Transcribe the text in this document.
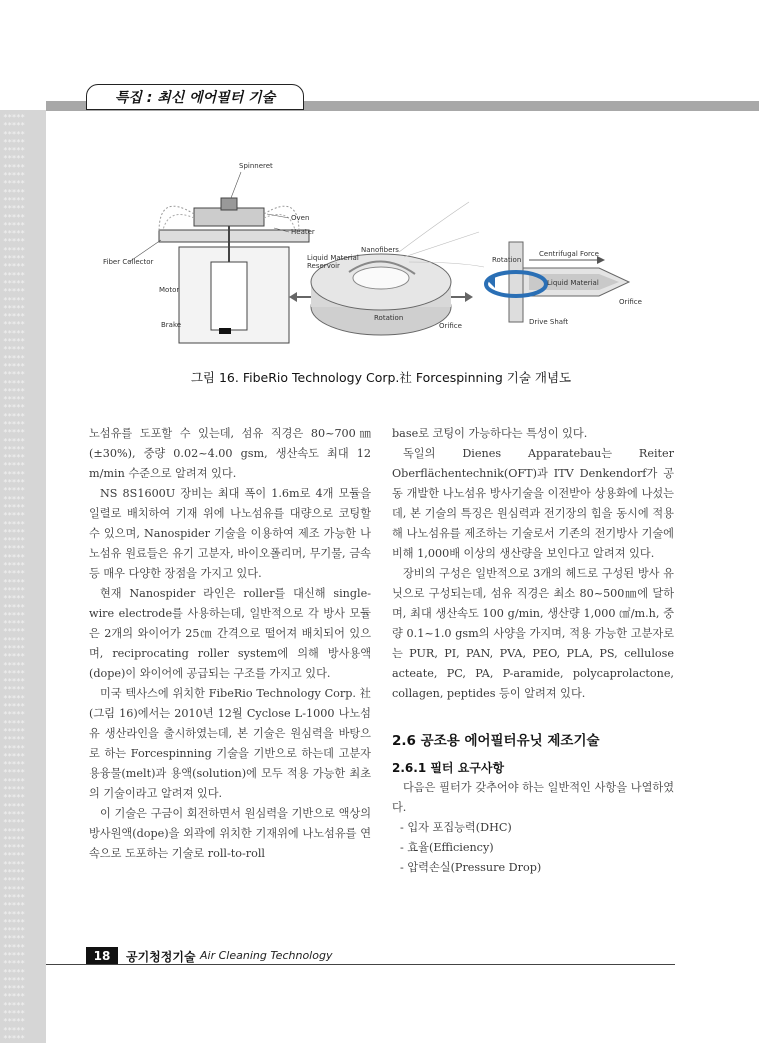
*****
*****
*****
*****
*****
*****
*****
*****
*****
*****
*****
*****
*****
*****
*****
*****
*****
*****
*****
*****
*****
*****
*****
*****
*****
*****
*****
*****
*****
*****
*****
*****
*****
*****
*****
*****
*****
*****
*****
*****
*****
*****
*****
*****
*****
*****
*****
*****
*****
*****
*****
*****
*****
*****
*****
*****
*****
*****
*****
*****
*****
*****
*****
*****
*****
*****
*****
*****
*****
*****
*****
*****
*****
*****
*****
*****
*****
*****
*****
*****
*****
*****
*****
*****
*****
*****
*****
*****
*****
*****
*****
*****
*****
*****
*****
*****
*****
*****
*****
*****
*****
*****
*****
*****
*****
*****
*****
*****
*****
*****
*****
*****
특집 : 최신 에어필터 기술
Spinneret
Oven
Heater
Fiber Collector
Motor
Brake
Nanofibers
Liquid Material
Reservoir
Orifice
Rotation
Rotation
Centrifugal Force
Liquid Material
Orifice
Drive Shaft
그림 16. FibeRio Technology Corp.社 Forcespinning 기술 개념도

노섬유를 도포할 수 있는데, 섬유 직경은 80~700㎚ (±30%), 중량 0.02~4.00 gsm, 생산속도 최대 12 m/min 수준으로 알려져 있다.

NS 8S1600U 장비는 최대 폭이 1.6m로 4개 모듈을 일렬로 배치하여 기재 위에 나노섬유를 대량으로 코팅할 수 있으며, Nanospider 기술을 이용하여 제조 가능한 나노섬유 원료들은 유기 고분자, 바이오폴리머, 무기물, 금속 등 매우 다양한 장점을 가지고 있다.

현재 Nanospider 라인은 roller를 대신해 single-wire electrode를 사용하는데, 일반적으로 각 방사 모듈은 2개의 와이어가 25㎝ 간격으로 떨어져 배치되어 있으며, reciprocating roller system에 의해 방사용액(dope)이 와이어에 공급되는 구조를 가지고 있다.

미국 텍사스에 위치한 FibeRio Technology Corp. 社(그림 16)에서는 2010년 12월 Cyclose L-1000 나노섬유 생산라인을 출시하였는데, 본 기술은 원심력을 바탕으로 하는 Forcespinning 기술을 기반으로 하는데 고분자 용융물(melt)과 용액(solution)에 모두 적용 가능한 최초의 기술이라고 알려져 있다.

이 기술은 구금이 회전하면서 원심력을 기반으로 액상의 방사원액(dope)을 외곽에 위치한 기재위에 나노섬유를 연속으로 도포하는 기술로 roll-to-roll

base로 코팅이 가능하다는 특성이 있다.

독일의 Dienes Apparatebau는 Reiter Oberflächentechnik(OFT)과 ITV Denkendorf가 공동 개발한 나노섬유 방사기술을 이전받아 상용화에 나섰는데, 본 기술의 특징은 원심력과 전기장의 힘을 동시에 적용해 나노섬유를 제조하는 기술로서 기존의 전기방사 기술에 비해 1,000배 이상의 생산량을 보인다고 알려져 있다.

장비의 구성은 일반적으로 3개의 헤드로 구성된 방사 유닛으로 구성되는데, 섬유 직경은 최소 80~500㎚에 달하며, 최대 생산속도 100 g/min, 생산량 1,000 ㎠/m.h, 중량 0.1~1.0 gsm의 사양을 가지며, 적용 가능한 고분자로는 PUR, PI, PAN, PVA, PEO, PLA, PS, cellulose acteate, PC, PA, P-aramide, polycaprolactone, collagen, peptides 등이 알려져 있다.

2.6 공조용 에어필터유닛 제조기술
2.6.1 필터 요구사항

다음은 필터가 갖추어야 하는 일반적인 사항을 나열하였다.

- 입자 포집능력(DHC)
- 효율(Efficiency)
- 압력손실(Pressure Drop)
18	공기청정기술 Air Cleaning Technology
